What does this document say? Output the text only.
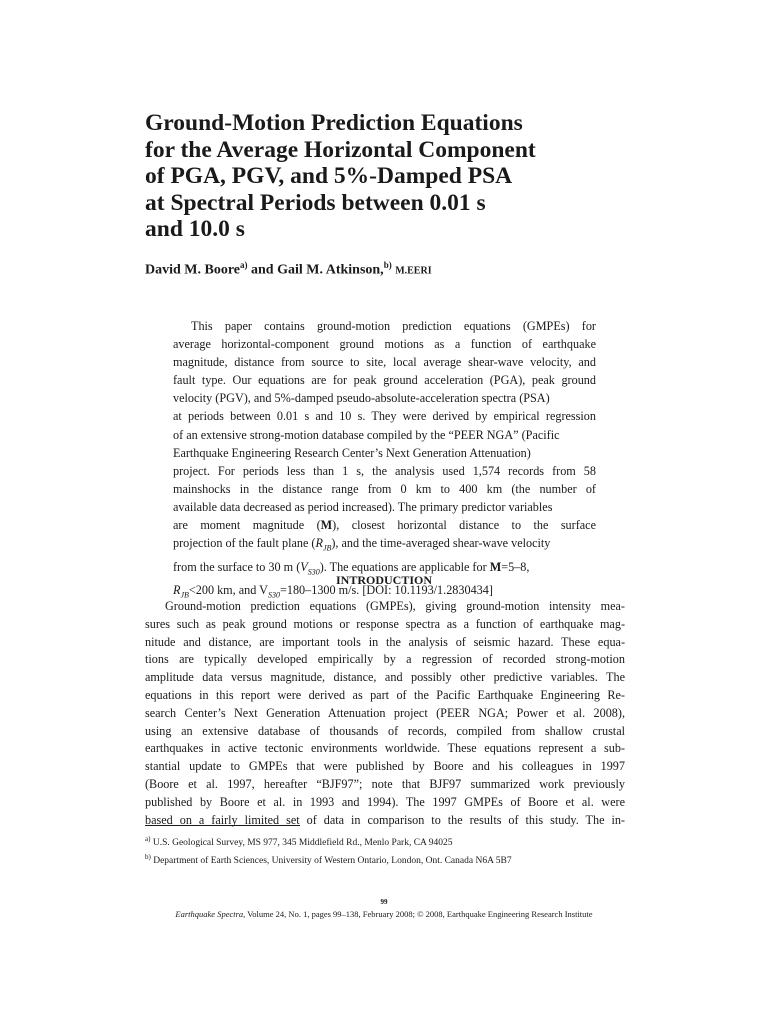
Ground-Motion Prediction Equations
for the Average Horizontal Component
of PGA, PGV, and 5%-Damped PSA
at Spectral Periods between 0.01 s
and 10.0 s
David M. Boore$^{a)}$ and Gail M. Atkinson,$^{b)}$ M.EERI
This paper contains ground-motion prediction equations (GMPEs) for
average horizontal-component ground motions as a function of earthquake
magnitude, distance from source to site, local average shear-wave velocity, and
fault type. Our equations are for peak ground acceleration (PGA), peak ground
velocity (PGV), and 5%-damped pseudo-absolute-acceleration spectra (PSA)
at periods between 0.01 s and 10 s. They were derived by empirical regression
of an extensive strong-motion database compiled by the “PEER NGA” (Pacific
Earthquake Engineering Research Center’s Next Generation Attenuation)
project. For periods less than 1 s, the analysis used 1,574 records from 58
mainshocks in the distance range from 0 km to 400 km (the number of
available data decreased as period increased). The primary predictor variables
are moment magnitude (M), closest horizontal distance to the surface
projection of the fault plane $(R_{JB})$, and the time-averaged shear-wave velocity
from the surface to 30 m $(V_{S30})$. The equations are applicable for M=5–8,
$R_{JB}<200$ km, and $V_{S30}=180-1300$ m/s. [DOI: 10.1193/1.2830434]
INTRODUCTION
Ground-motion prediction equations (GMPEs), giving ground-motion intensity mea-
sures such as peak ground motions or response spectra as a function of earthquake mag-
nitude and distance, are important tools in the analysis of seismic hazard. These equa-
tions are typically developed empirically by a regression of recorded strong-motion
amplitude data versus magnitude, distance, and possibly other predictive variables. The
equations in this report were derived as part of the Pacific Earthquake Engineering Re-
search Center’s Next Generation Attenuation project (PEER NGA; Power et al. 2008),
using an extensive database of thousands of records, compiled from shallow crustal
earthquakes in active tectonic environments worldwide. These equations represent a sub-
stantial update to GMPEs that were published by Boore and his colleagues in 1997
(Boore et al. 1997, hereafter “BJF97”; note that BJF97 summarized work previously
published by Boore et al. in 1993 and 1994). The 1997 GMPEs of Boore et al. were
based on a fairly limited set of data in comparison to the results of this study. The in-
$^{a)}$ U.S. Geological Survey, MS 977, 345 Middlefield Rd., Menlo Park, CA 94025
$^{b)}$ Department of Earth Sciences, University of Western Ontario, London, Ont. Canada N6A 5B7
99
Earthquake Spectra, Volume 24, No. 1, pages 99–138, February 2008; © 2008, Earthquake Engineering Research Institute
